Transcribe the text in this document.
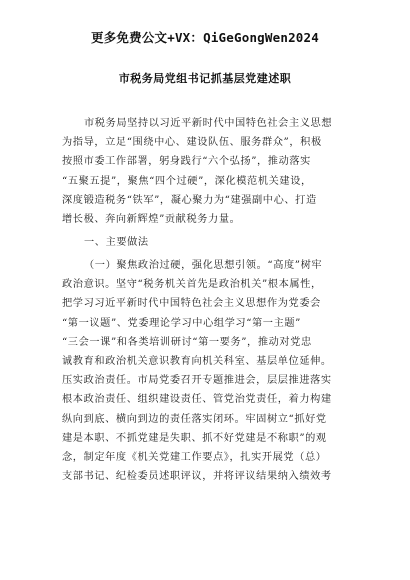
更多免费公文+VX：QiGeGongWen2024
市税务局党组书记抓基层党建述职
市税务局坚持以习近平新时代中国特色社会主义思想
为指导，立足“围绕中心、建设队伍、服务群众”，积极
按照市委工作部署，躬身践行“六个弘扬”，推动落实
“五聚五提”，聚焦“四个过硬”，深化模范机关建设，
深度锻造税务“铁军”，凝心聚力为“建强副中心、打造
增长极、奔向新辉煌”贡献税务力量。
一、主要做法
（一）聚焦政治过硬，强化思想引领。“高度”树牢
政治意识。坚守“税务机关首先是政治机关”根本属性，
把学习习近平新时代中国特色社会主义思想作为党委会
“第一议题”、党委理论学习中心组学习“第一主题”
“三会一课”和各类培训研讨“第一要务”，推动对党忠
诚教育和政治机关意识教育向机关科室、基层单位延伸。
压实政治责任。市局党委召开专题推进会，层层推进落实
根本政治责任、组织建设责任、管党治党责任，着力构建
纵向到底、横向到边的责任落实闭环。牢固树立“抓好党
建是本职、不抓党建是失职、抓不好党建是不称职”的观
念，制定年度《机关党建工作要点》，扎实开展党（总）
支部书记、纪检委员述职评议，并将评议结果纳入绩效考
